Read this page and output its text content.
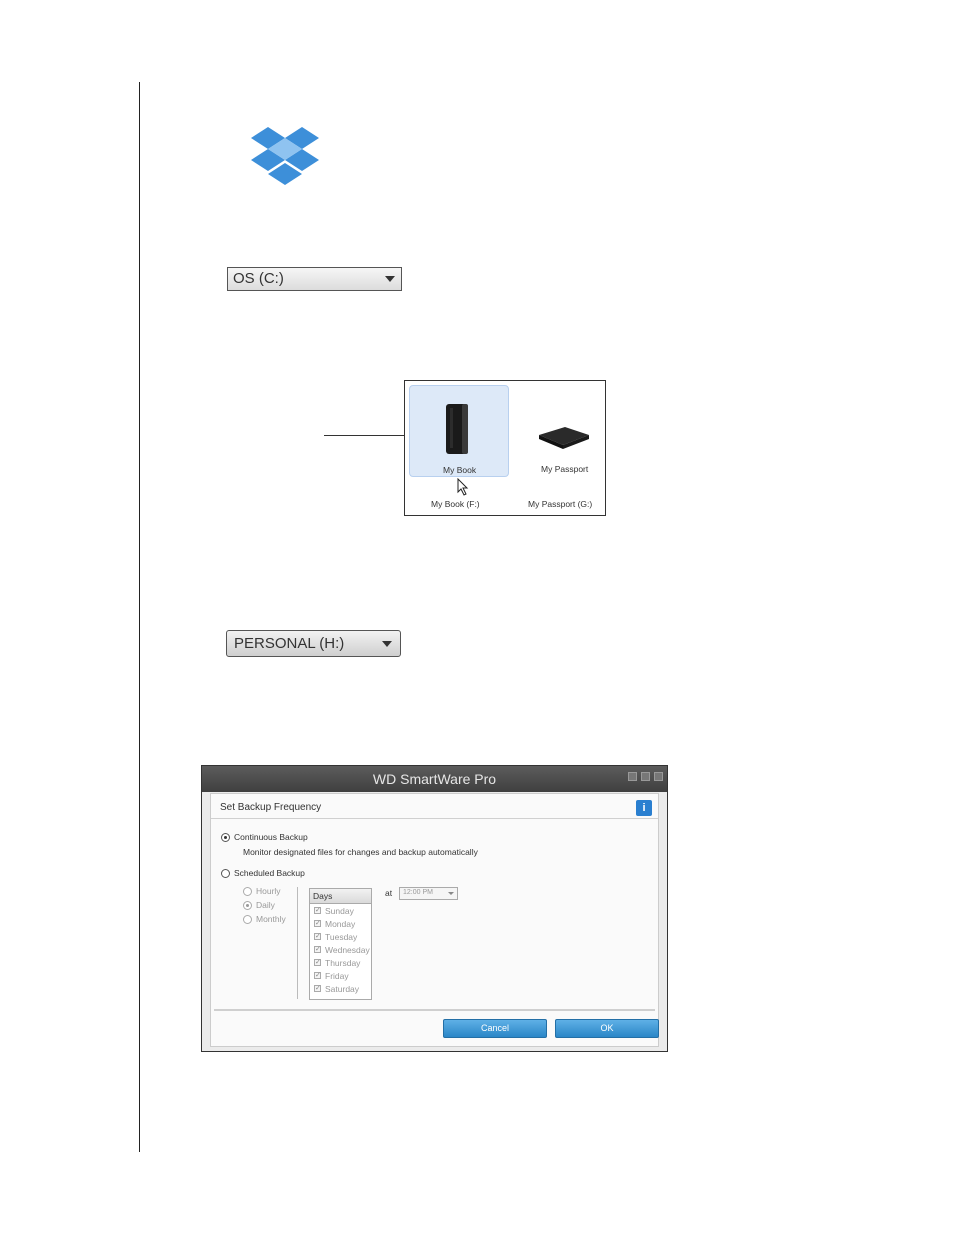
OS (C:)
My Book	My Passport
My Book (F:)	My Passport (G:)
PERSONAL (H:)
WD SmartWare Pro
Set Backup Frequency	i
Continuous Backup
Monitor designated files for changes and backup automatically
Scheduled Backup
Hourly
Daily
Monthly
Days
✓ Sunday
✓ Monday
✓ Tuesday
✓ Wednesday
✓ Thursday
✓ Friday
✓ Saturday
at 12:00 PM
Cancel	OK
